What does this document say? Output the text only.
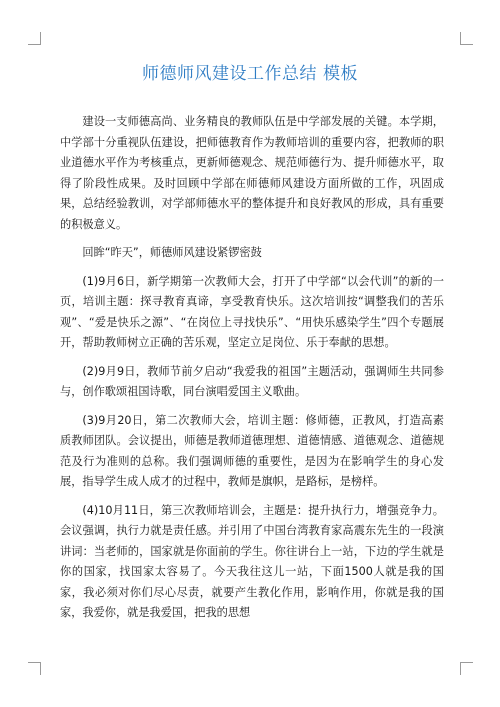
师德师风建设工作总结 模板

建设一支师德高尚、业务精良的教师队伍是中学部发展的关键。本学期，中学部十分重视队伍建设，把师德教育作为教师培训的重要内容，把教师的职业道德水平作为考核重点，更新师德观念、规范师德行为、提升师德水平，取得了阶段性成果。及时回顾中学部在师德师风建设方面所做的工作，巩固成果，总结经验教训，对学部师德水平的整体提升和良好教风的形成，具有重要的积极意义。

回眸“昨天”，师德师风建设紧锣密鼓

(1)9月6日，新学期第一次教师大会，打开了中学部“以会代训”的新的一页，培训主题：探寻教育真谛，享受教育快乐。这次培训按“调整我们的苦乐观”、“爱是快乐之源”、“在岗位上寻找快乐”、“用快乐感染学生”四个专题展开，帮助教师树立正确的苦乐观，坚定立足岗位、乐于奉献的思想。

(2)9月9日，教师节前夕启动“我爱我的祖国”主题活动，强调师生共同参与，创作歌颂祖国诗歌，同台演唱爱国主义歌曲。

(3)9月20日，第二次教师大会，培训主题：修师德，正教风，打造高素质教师团队。会议提出，师德是教师道德理想、道德情感、道德观念、道德规范及行为准则的总称。我们强调师德的重要性，是因为在影响学生的身心发展，指导学生成人成才的过程中，教师是旗帜，是路标，是榜样。

(4)10月11日，第三次教师培训会，主题是：提升执行力，增强竞争力。会议强调，执行力就是责任感。并引用了中国台湾教育家高震东先生的一段演讲词：当老师的，国家就是你面前的学生。你往讲台上一站，下边的学生就是你的国家，找国家太容易了。今天我往这儿一站，下面1500人就是我的国家，我必须对你们尽心尽责，就要产生教化作用，影响作用，你就是我的国家，我爱你，就是我爱国，把我的思想
